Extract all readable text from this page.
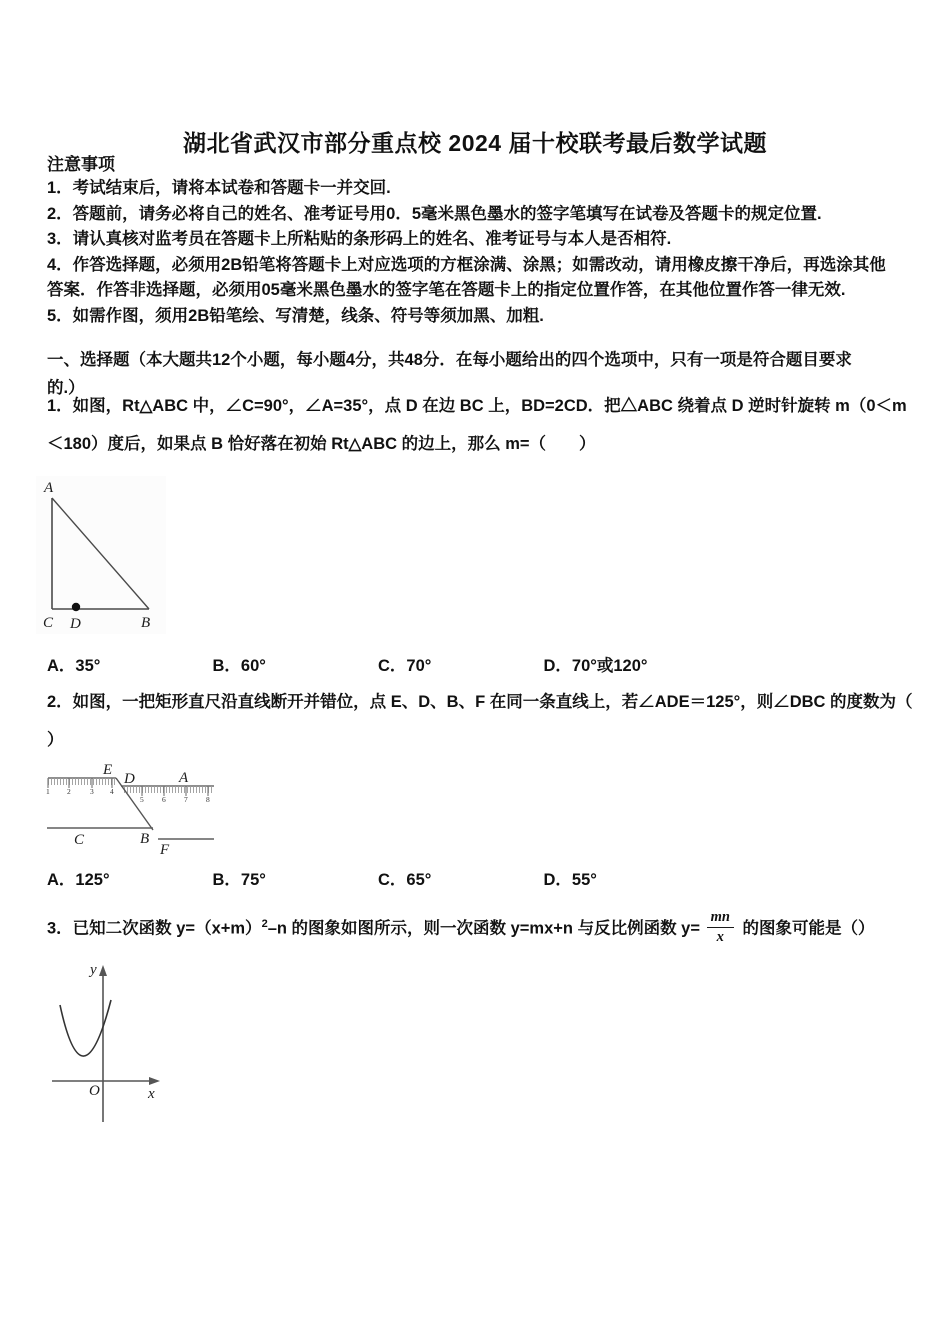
湖北省武汉市部分重点校 2024 届十校联考最后数学试题
注意事项
1．考试结束后，请将本试卷和答题卡一并交回.
2．答题前，请务必将自己的姓名、准考证号用0．5毫米黑色墨水的签字笔填写在试卷及答题卡的规定位置.
3．请认真核对监考员在答题卡上所粘贴的条形码上的姓名、准考证号与本人是否相符.
4．作答选择题，必须用2B铅笔将答题卡上对应选项的方框涂满、涂黑；如需改动，请用橡皮擦干净后，再选涂其他
答案．作答非选择题，必须用05毫米黑色墨水的签字笔在答题卡上的指定位置作答，在其他位置作答一律无效.
5．如需作图，须用2B铅笔绘、写清楚，线条、符号等须加黑、加粗.
一、选择题（本大题共12个小题，每小题4分，共48分．在每小题给出的四个选项中，只有一项是符合题目要求
的.）
1．如图，Rt△ABC 中，∠C=90°，∠A=35°，点 D 在边 BC 上，BD=2CD．把△ABC 绕着点 D 逆时针旋转 m（0＜m
＜180）度后，如果点 B 恰好落在初始 Rt△ABC 的边上，那么 m=（　　）
A
C D	B
A．35°	B．60°	C．70°	D．70°或120°
2．如图，一把矩形直尺沿直线断开并错位，点 E、D、B、F 在同一条直线上，若∠ADE＝125°，则∠DBC 的度数为（
）
1 2	3 4
5 6 7 8
E
D	A
C	B
F
A．125°	B．75°	C．65°	D．55°
3．已知二次函数 $y=(x+m)^2-n$ 的图象如图所示，则一次函数 y=mx+n 与反比例函数 $y= \frac{mn}{x}$ 的图象可能是（）
y
x
O
